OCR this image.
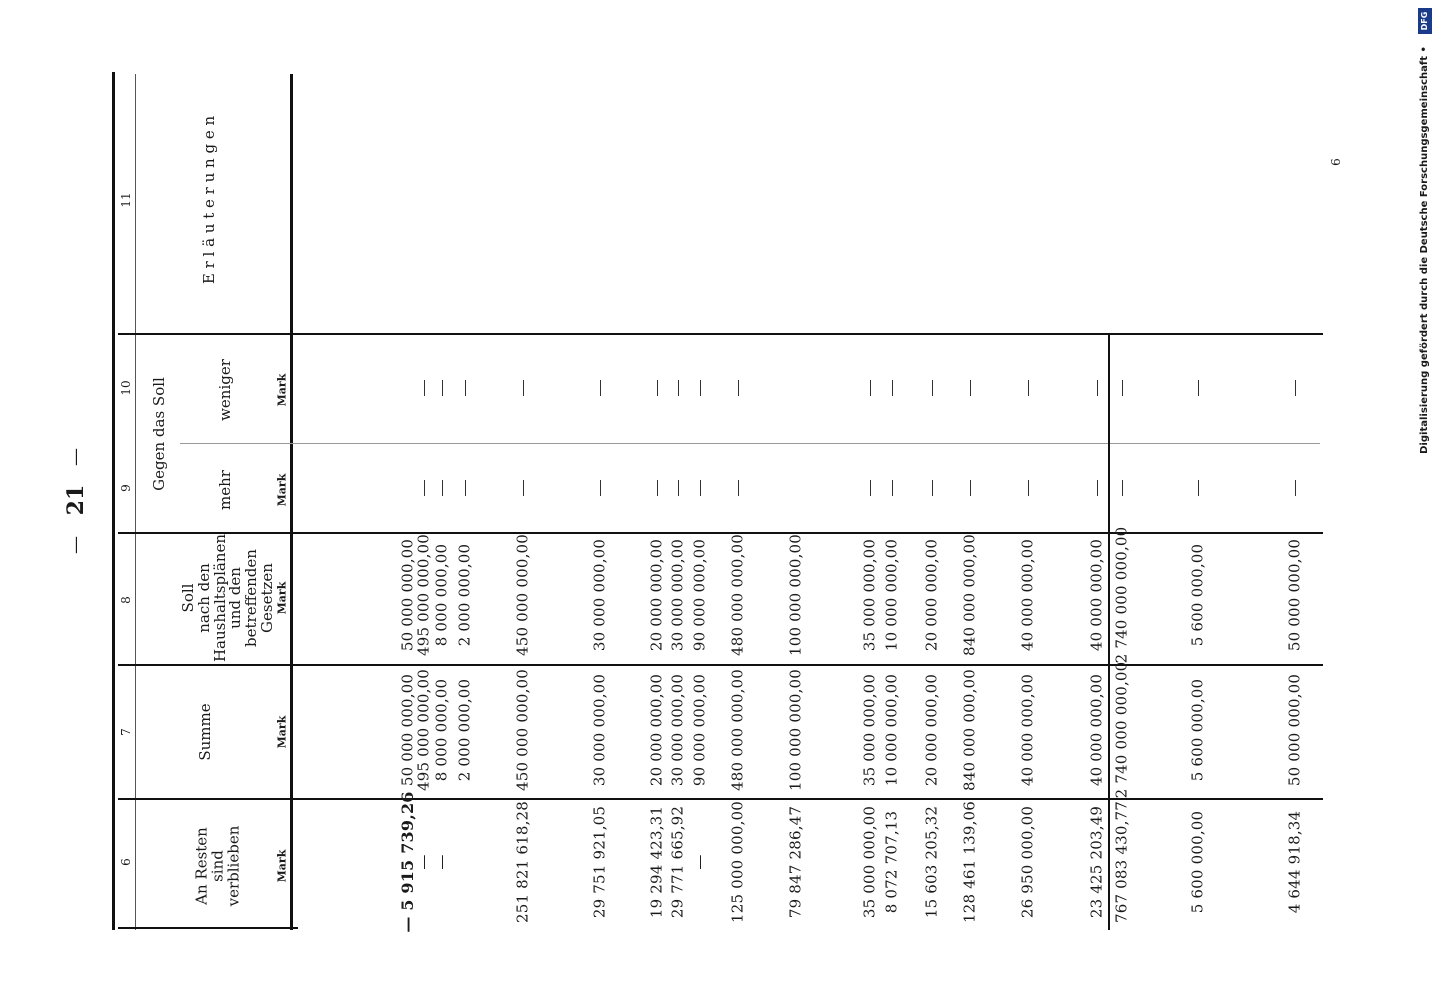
—
21
—
6
7
8
9
10
11
An Resten
sind
verblieben
Summe
Soll
nach den
Haushaltsplänen
und den
betreffenden
Gesetzen
Gegen das Soll	mehr
weniger
E r l ä u t e r u n g e n
Mark
Mark
Mark
Mark
Mark
— 5 915 739,26
50 000 000,00
50 000 000,00
495 000 000,00
495 000 000,00
8 000 000,00
8 000 000,00
2 000 000,00
2 000 000,00
251 821 618,28
450 000 000,00
450 000 000,00
29 751 921,05
30 000 000,00
30 000 000,00
19 294 423,31
20 000 000,00
20 000 000,00
29 771 665,92
30 000 000,00
30 000 000,00
90 000 000,00
90 000 000,00
125 000 000,00
480 000 000,00
480 000 000,00
79 847 286,47
100 000 000,00
100 000 000,00
35 000 000,00
35 000 000,00
35 000 000,00
8 072 707,13
10 000 000,00
10 000 000,00
15 603 205,32
20 000 000,00
20 000 000,00
128 461 139,06
840 000 000,00
840 000 000,00
26 950 000,00
40 000 000,00
40 000 000,00
23 425 203,49
40 000 000,00
40 000 000,00
767 083 430,77
2 740 000 000,00
2 740 000 000,00
5 600 000,00
5 600 000,00
5 600 000,00
4 644 918,34
50 000 000,00
50 000 000,00
— —	—
Digitalisierung gefördert durch die Deutsche Forschungsgemeinschaft •
DFG
6
